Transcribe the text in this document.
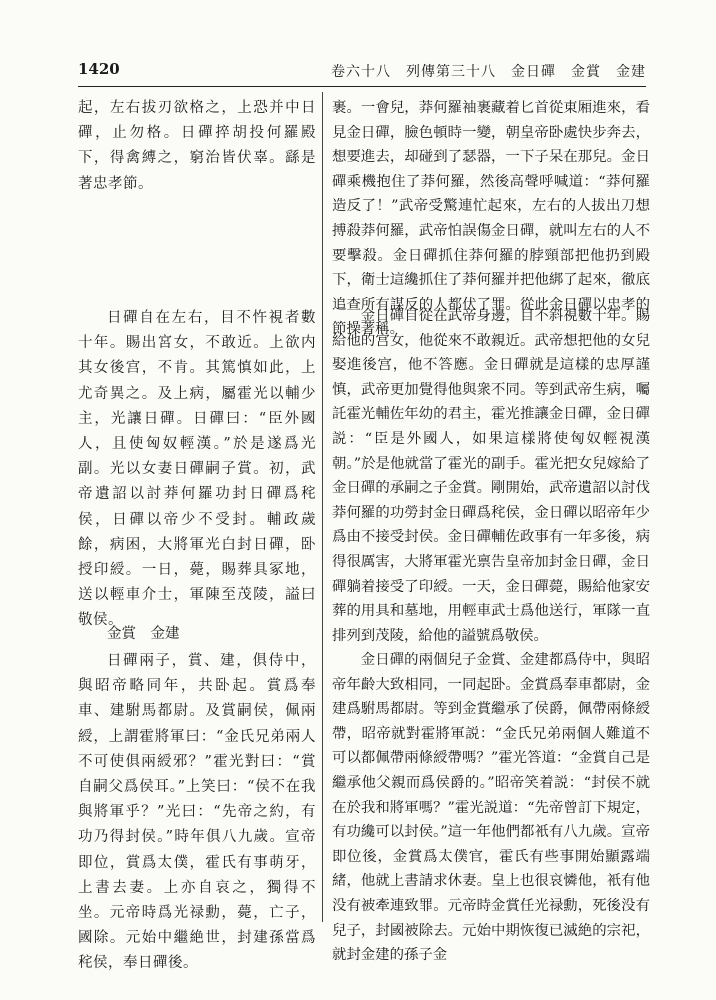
1420	卷六十八　列傳第三十八　金日磾　金賞　金建

起，左右拔刃欲格之，上恐并中日磾，止勿格。日磾捽胡投何羅殿下，得禽縛之，窮治皆伏辜。繇是著忠孝節。

日磾自在左右，目不忤視者數十年。賜出宮女，不敢近。上欲内其女後宫，不肯。其篤慎如此，上尤奇異之。及上病，屬霍光以輔少主，光讓日磾。日磾曰：“臣外國人，且使匈奴輕漢。”於是遂爲光副。光以女妻日磾嗣子賞。初，武帝遺詔以討莽何羅功封日磾爲秺侯，日磾以帝少不受封。輔政歲餘，病困，大將軍光白封日磾，卧授印綬。一日，薨，賜葬具冢地，送以輕車介士，軍陳至茂陵，謚曰敬侯。

金賞　金建

日磾兩子，賞、建，俱侍中，與昭帝略同年，共卧起。賞爲奉車、建駙馬都尉。及賞嗣侯，佩兩綬，上謂霍將軍曰：“金氏兄弟兩人不可使俱兩綬邪？”霍光對曰：“賞自嗣父爲侯耳。”上笑曰：“侯不在我與將軍乎？”光曰：“先帝之約，有功乃得封侯。”時年俱八九歲。宣帝即位，賞爲太僕，霍氏有事萌牙，上書去妻。上亦自哀之，獨得不坐。元帝時爲光禄勳，薨，亡子，國除。元始中繼絶世，封建孫當爲秺侯，奉日磾後。

裹。一會兒，莽何羅袖裹藏着匕首從東厢進來，看見金日磾，臉色頓時一變，朝皇帝卧處快步奔去，想要進去，却碰到了瑟器，一下子呆在那兒。金日磾乘機抱住了莽何羅，然後高聲呼喊道：“莽何羅造反了！”武帝受驚連忙起來，左右的人拔出刀想搏殺莽何羅，武帝怕誤傷金日磾，就叫左右的人不要擊殺。金日磾抓住莽何羅的脖頸部把他扔到殿下，衛士這纔抓住了莽何羅并把他綁了起來，徹底追查所有謀反的人都伏了罪。從此金日磾以忠孝的節操著稱。

金日磾自從在武帝身邊，目不斜視數十年。賜給他的宫女，他從來不敢親近。武帝想把他的女兒娶進後宫，他不答應。金日磾就是這樣的忠厚謹慎，武帝更加覺得他與衆不同。等到武帝生病，囑託霍光輔佐年幼的君主，霍光推讓金日磾，金日磾説：“臣是外國人，如果這樣將使匈奴輕視漢朝。”於是他就當了霍光的副手。霍光把女兒嫁給了金日磾的承嗣之子金賞。剛開始，武帝遺詔以討伐莽何羅的功勞封金日磾爲秺侯，金日磾以昭帝年少爲由不接受封侯。金日磾輔佐政事有一年多後，病得很厲害，大將軍霍光禀告皇帝加封金日磾，金日磾躺着接受了印綬。一天，金日磾薨，賜給他家安葬的用具和墓地，用輕車武士爲他送行，軍隊一直排列到茂陵，給他的謚號爲敬侯。

金日磾的兩個兒子金賞、金建都爲侍中，與昭帝年齡大致相同，一同起卧。金賞爲奉車都尉，金建爲駙馬都尉。等到金賞繼承了侯爵，佩帶兩條綬帶，昭帝就對霍將軍説：“金氏兄弟兩個人難道不可以都佩帶兩條綬帶嗎？”霍光答道：“金賞自己是繼承他父親而爲侯爵的。”昭帝笑着説：“封侯不就在於我和將軍嗎？”霍光説道：“先帝曾訂下規定，有功纔可以封侯。”這一年他們都衹有八九歲。宣帝即位後，金賞爲太僕官，霍氏有些事開始顯露端緒，他就上書請求休妻。皇上也很哀憐他，衹有他没有被牽連致罪。元帝時金賞任光禄勳，死後没有兒子，封國被除去。元始中期恢復已滅絶的宗祀，就封金建的孫子金
